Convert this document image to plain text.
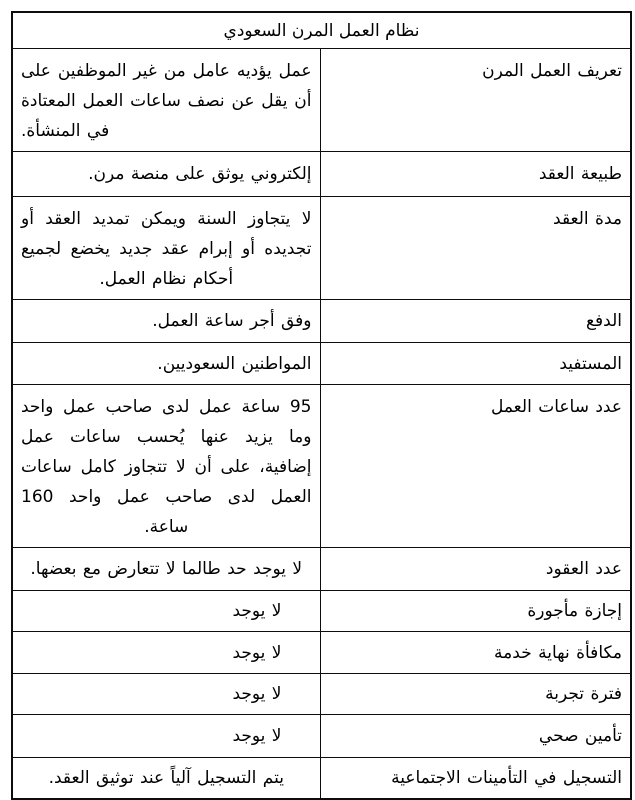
نظام العمل المرن السعودي	
تعريف العمل المرن	عمل يؤديه عامل من غير الموظفين على أن يقل عن نصف ساعات العمل المعتادة في المنشأة.
طبيعة العقد	إلكتروني يوثق على منصة مرن.
مدة العقد	لا يتجاوز السنة ويمكن تمديد العقد أو تجديده أو إبرام عقد جديد يخضع لجميع أحكام نظام العمل.
الدفع	وفق أجر ساعة العمل.
المستفيد	المواطنين السعوديين.
عدد ساعات العمل	95 ساعة عمل لدى صاحب عمل واحد وما يزيد عنها يُحسب ساعات عمل إضافية، على أن لا تتجاوز كامل ساعات العمل لدى صاحب عمل واحد 160 ساعة.
عدد العقود	لا يوجد حد طالما لا تتعارض مع بعضها.
إجازة مأجورة	لا يوجد
مكافأة نهاية خدمة	لا يوجد
فترة تجربة	لا يوجد
تأمين صحي	لا يوجد
التسجيل في التأمينات الاجتماعية	يتم التسجيل آلياً عند توثيق العقد.
